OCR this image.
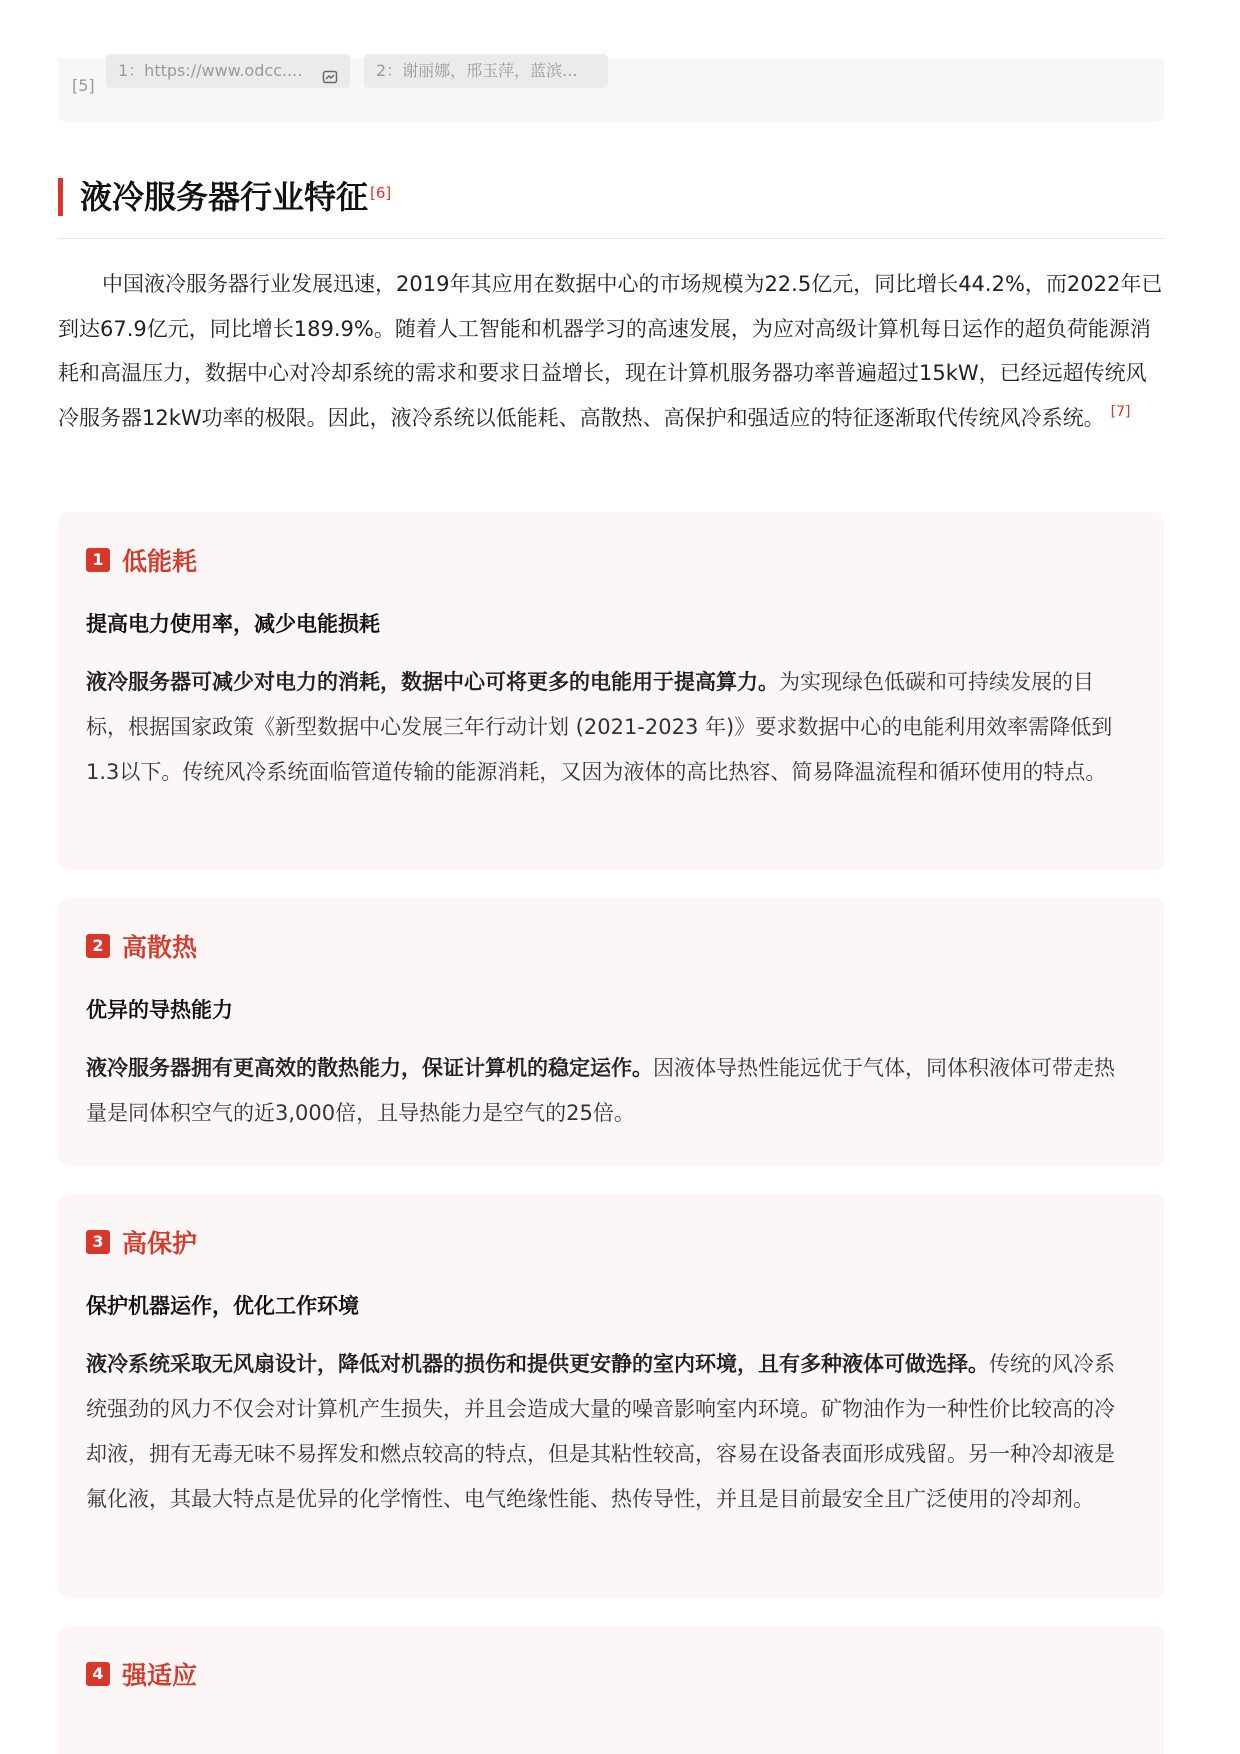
[5]
1：https://www.odcc....	2：谢丽娜，邢玉萍，蓝滨...
液冷服务器行业特征 [6]

中国液冷服务器行业发展迅速，2019年其应用在数据中心的市场规模为22.5亿元，同比增长44.2%，而2022年已到达67.9亿元，同比增长189.9%。随着人工智能和机器学习的高速发展，为应对高级计算机每日运作的超负荷能源消耗和高温压力，数据中心对冷却系统的需求和要求日益增长，现在计算机服务器功率普遍超过15kW，已经远超传统风冷服务器12kW功率的极限。因此，液冷系统以低能耗、高散热、高保护和强适应的特征逐渐取代传统风冷系统。 [7]

1 低能耗
提高电力使用率，减少电能损耗

液冷服务器可减少对电力的消耗，数据中心可将更多的电能用于提高算力。为实现绿色低碳和可持续发展的目标，根据国家政策《新型数据中心发展三年行动计划 (2021-2023 年)》要求数据中心的电能利用效率需降低到1.3以下。传统风冷系统面临管道传输的能源消耗，又因为液体的高比热容、简易降温流程和循环使用的特点。

2 高散热
优异的导热能力

液冷服务器拥有更高效的散热能力，保证计算机的稳定运作。因液体导热性能远优于气体，同体积液体可带走热量是同体积空气的近3,000倍，且导热能力是空气的25倍。

3 高保护
保护机器运作，优化工作环境

液冷系统采取无风扇设计，降低对机器的损伤和提供更安静的室内环境，且有多种液体可做选择。传统的风冷系统强劲的风力不仅会对计算机产生损失，并且会造成大量的噪音影响室内环境。矿物油作为一种性价比较高的冷却液，拥有无毒无味不易挥发和燃点较高的特点，但是其粘性较高，容易在设备表面形成残留。另一种冷却液是氟化液，其最大特点是优异的化学惰性、电气绝缘性能、热传导性，并且是目前最安全且广泛使用的冷却剂。

4 强适应
